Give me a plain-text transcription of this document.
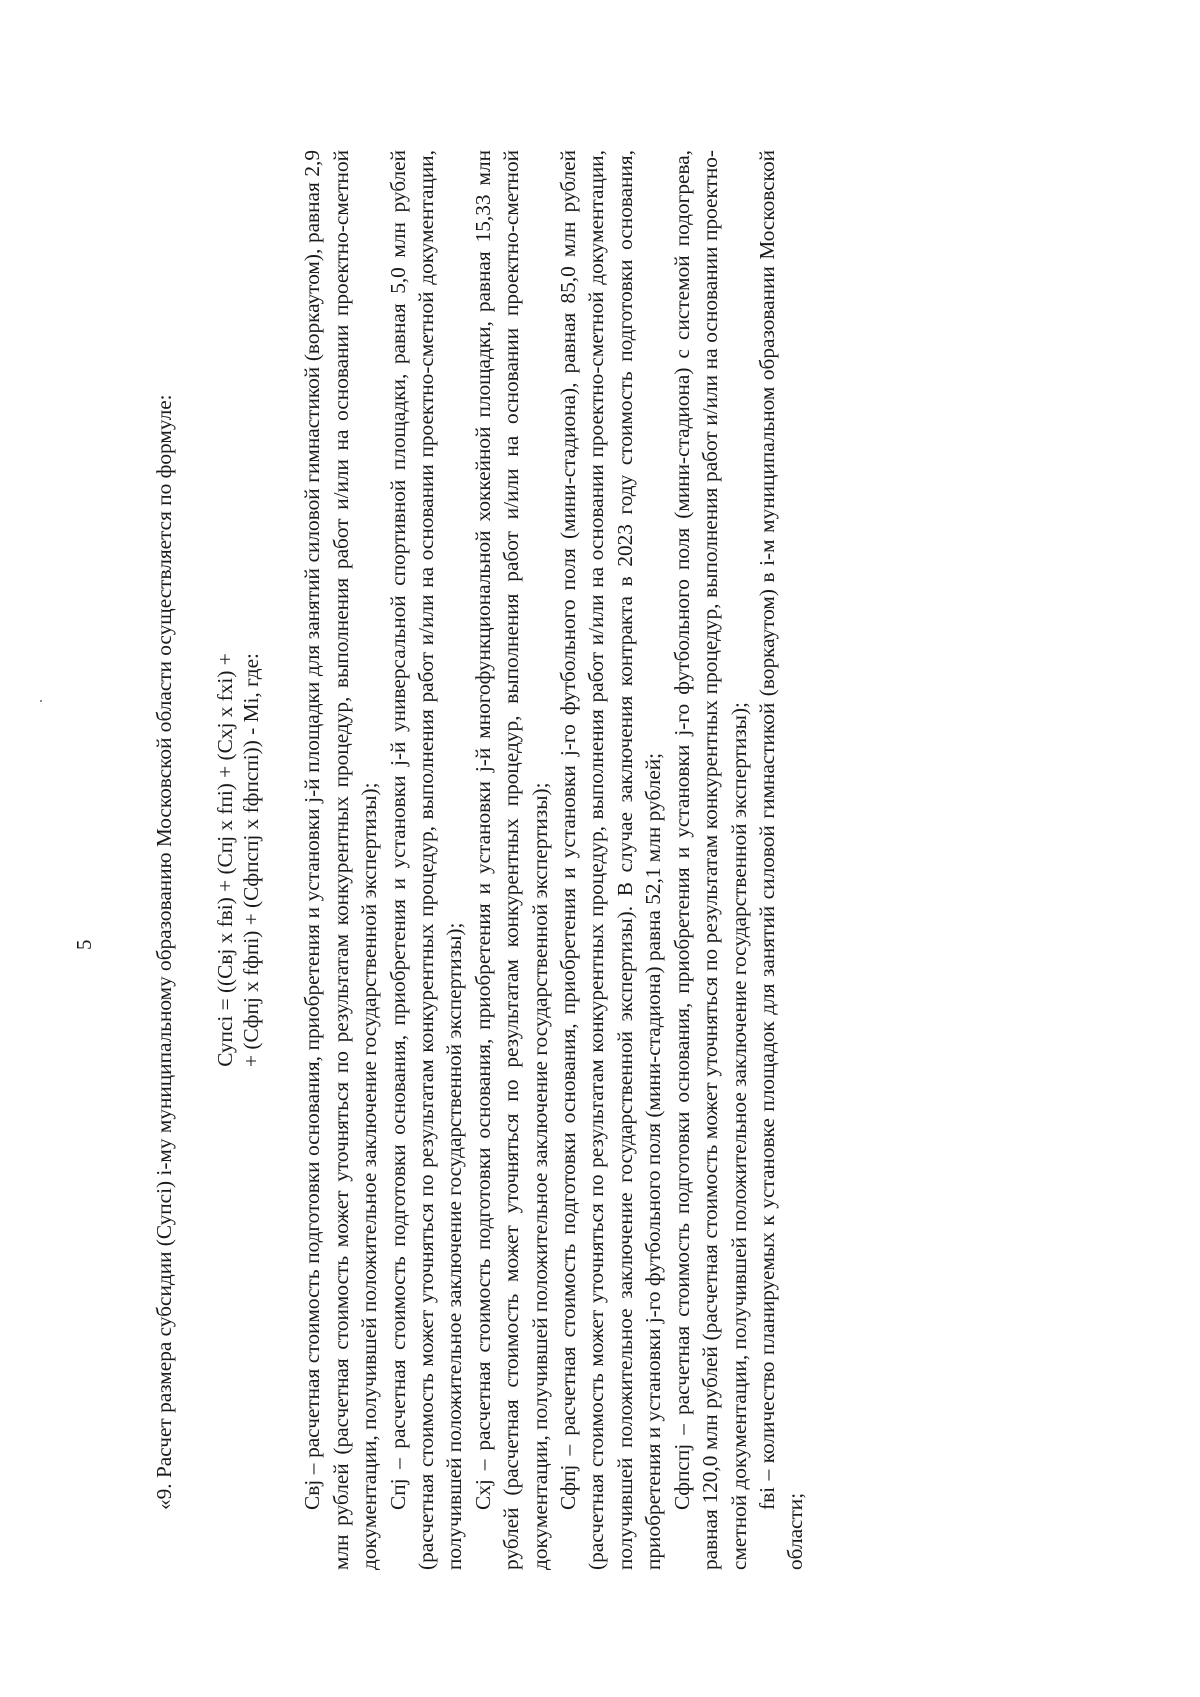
5	«9. Расчет размера субсидии (Супсi) i-му муниципальному образованию Московской области осуществляется по формуле: Супсi = ((Свj x fвi) + (Спj x fпi) + (Схj x fхi) + + (Сфпj x fфпi) + (Сфпспj x fфпспi)) - Мi, где: Свj – расчетная стоимость подготовки основания, приобретения и установки j-й площадки для занятий силовой гимнастикой (воркаутом), равная 2,9 млн рублей (расчетная стоимость может уточняться по результатам конкурентных процедур, выполнения работ и/или на основании проектно-сметной документации, получившей положительное заключение государственной экспертизы); Спj – расчетная стоимость подготовки основания, приобретения и установки j-й универсальной спортивной площадки, равная 5,0 млн рублей (расчетная стоимость может уточняться по результатам конкурентных процедур, выполнения работ и/или на основании проектно-сметной документации, получившей положительное заключение государственной экспертизы); Схj – расчетная стоимость подготовки основания, приобретения и установки j-й многофункциональной хоккейной площадки, равная 15,33 млн рублей (расчетная стоимость может уточняться по результатам конкурентных процедур, выполнения работ и/или на основании проектно-сметной документации, получившей положительное заключение государственной экспертизы); Сфпj – расчетная стоимость подготовки основания, приобретения и установки j-го футбольного поля (мини-стадиона), равная 85,0 млн рублей (расчетная стоимость может уточняться по результатам конкурентных процедур, выполнения работ и/или на основании проектно-сметной документации, получившей положительное заключение государственной экспертизы). В случае заключения контракта в 2023 году стоимость подготовки основания, приобретения и установки j-го футбольного поля (мини-стадиона) равна 52,1 млн рублей; Сфпспj – расчетная стоимость подготовки основания, приобретения и установки j-го футбольного поля (мини-стадиона) с системой подогрева, равная 120,0 млн рублей (расчетная стоимость может уточняться по результатам конкурентных процедур, выполнения работ и/или на основании проектно-сметной документации, получившей положительное заключение государственной экспертизы); fвi – количество планируемых к установке площадок для занятий силовой гимнастикой (воркаутом) в i-м муниципальном образовании Московской области;
